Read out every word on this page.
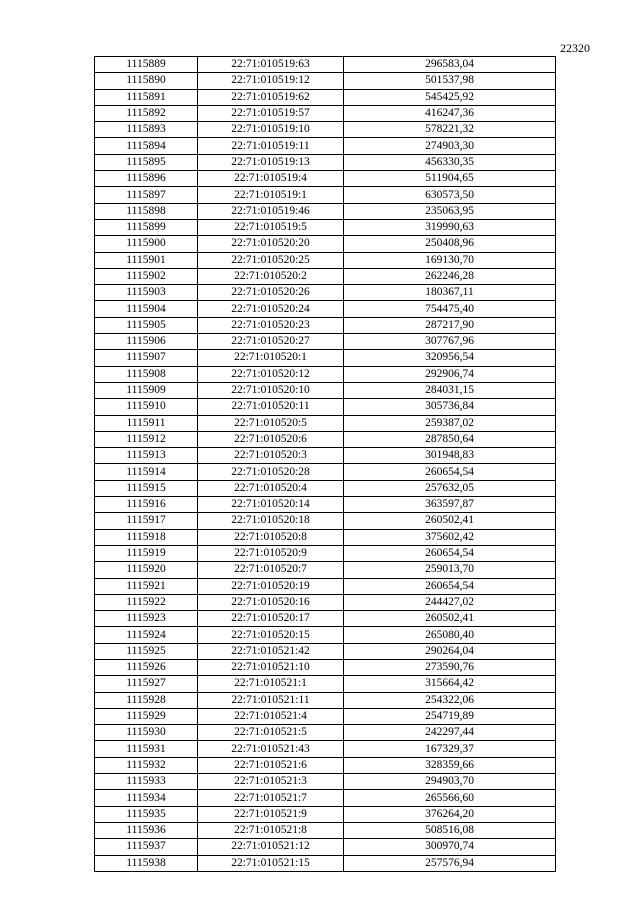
22320
1115889	22:71:010519:63	296583,04
1115890	22:71:010519:12	501537,98
1115891	22:71:010519:62	545425,92
1115892	22:71:010519:57	416247,36
1115893	22:71:010519:10	578221,32
1115894	22:71:010519:11	274903,30
1115895	22:71:010519:13	456330,35
1115896	22:71:010519:4	511904,65
1115897	22:71:010519:1	630573,50
1115898	22:71:010519:46	235063,95
1115899	22:71:010519:5	319990,63
1115900	22:71:010520:20	250408,96
1115901	22:71:010520:25	169130,70
1115902	22:71:010520:2	262246,28
1115903	22:71:010520:26	180367,11
1115904	22:71:010520:24	754475,40
1115905	22:71:010520:23	287217,90
1115906	22:71:010520:27	307767,96
1115907	22:71:010520:1	320956,54
1115908	22:71:010520:12	292906,74
1115909	22:71:010520:10	284031,15
1115910	22:71:010520:11	305736,84
1115911	22:71:010520:5	259387,02
1115912	22:71:010520:6	287850,64
1115913	22:71:010520:3	301948,83
1115914	22:71:010520:28	260654,54
1115915	22:71:010520:4	257632,05
1115916	22:71:010520:14	363597,87
1115917	22:71:010520:18	260502,41
1115918	22:71:010520:8	375602,42
1115919	22:71:010520:9	260654,54
1115920	22:71:010520:7	259013,70
1115921	22:71:010520:19	260654,54
1115922	22:71:010520:16	244427,02
1115923	22:71:010520:17	260502,41
1115924	22:71:010520:15	265080,40
1115925	22:71:010521:42	290264,04
1115926	22:71:010521:10	273590,76
1115927	22:71:010521:1	315664,42
1115928	22:71:010521:11	254322,06
1115929	22:71:010521:4	254719,89
1115930	22:71:010521:5	242297,44
1115931	22:71:010521:43	167329,37
1115932	22:71:010521:6	328359,66
1115933	22:71:010521:3	294903,70
1115934	22:71:010521:7	265566,60
1115935	22:71:010521:9	376264,20
1115936	22:71:010521:8	508516,08
1115937	22:71:010521:12	300970,74
1115938	22:71:010521:15	257576,94
